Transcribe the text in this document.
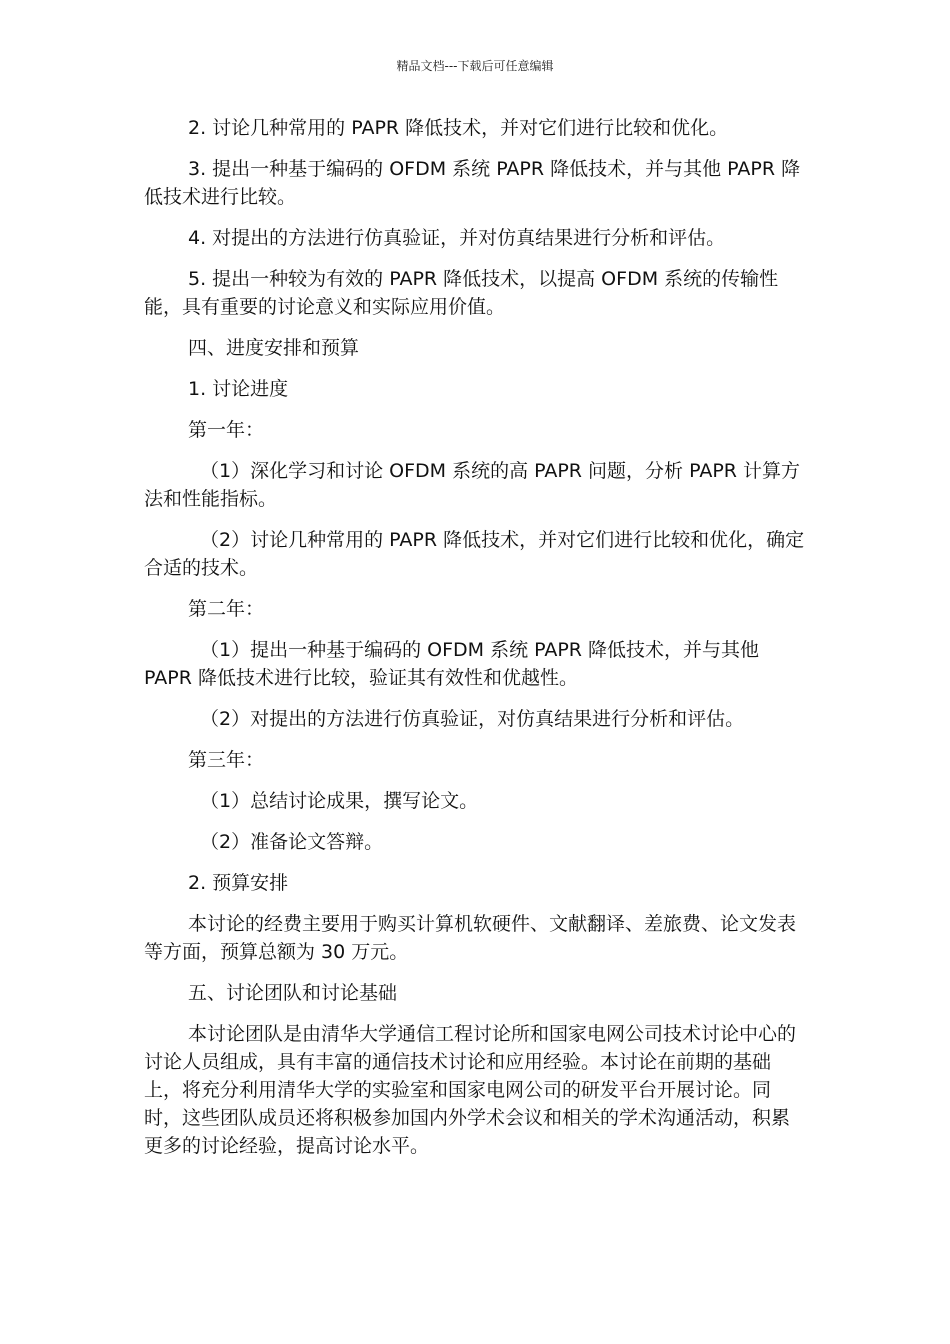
精品文档---下载后可任意编辑

2. 讨论几种常用的 PAPR 降低技术，并对它们进行比较和优化。

3. 提出一种基于编码的 OFDM 系统 PAPR 降低技术，并与其他 PAPR 降低技术进行比较。

4. 对提出的方法进行仿真验证，并对仿真结果进行分析和评估。

5. 提出一种较为有效的 PAPR 降低技术，以提高 OFDM 系统的传输性能，具有重要的讨论意义和实际应用价值。

四、进度安排和预算

1. 讨论进度

第一年：

（1）深化学习和讨论 OFDM 系统的高 PAPR 问题，分析 PAPR 计算方法和性能指标。

（2）讨论几种常用的 PAPR 降低技术，并对它们进行比较和优化，确定合适的技术。

第二年：

（1）提出一种基于编码的 OFDM 系统 PAPR 降低技术，并与其他 PAPR 降低技术进行比较，验证其有效性和优越性。

（2）对提出的方法进行仿真验证，对仿真结果进行分析和评估。

第三年：

（1）总结讨论成果，撰写论文。

（2）准备论文答辩。

2. 预算安排

本讨论的经费主要用于购买计算机软硬件、文献翻译、差旅费、论文发表等方面，预算总额为 30 万元。

五、讨论团队和讨论基础

本讨论团队是由清华大学通信工程讨论所和国家电网公司技术讨论中心的讨论人员组成，具有丰富的通信技术讨论和应用经验。本讨论在前期的基础上，将充分利用清华大学的实验室和国家电网公司的研发平台开展讨论。同时，这些团队成员还将积极参加国内外学术会议和相关的学术沟通活动，积累更多的讨论经验，提高讨论水平。
